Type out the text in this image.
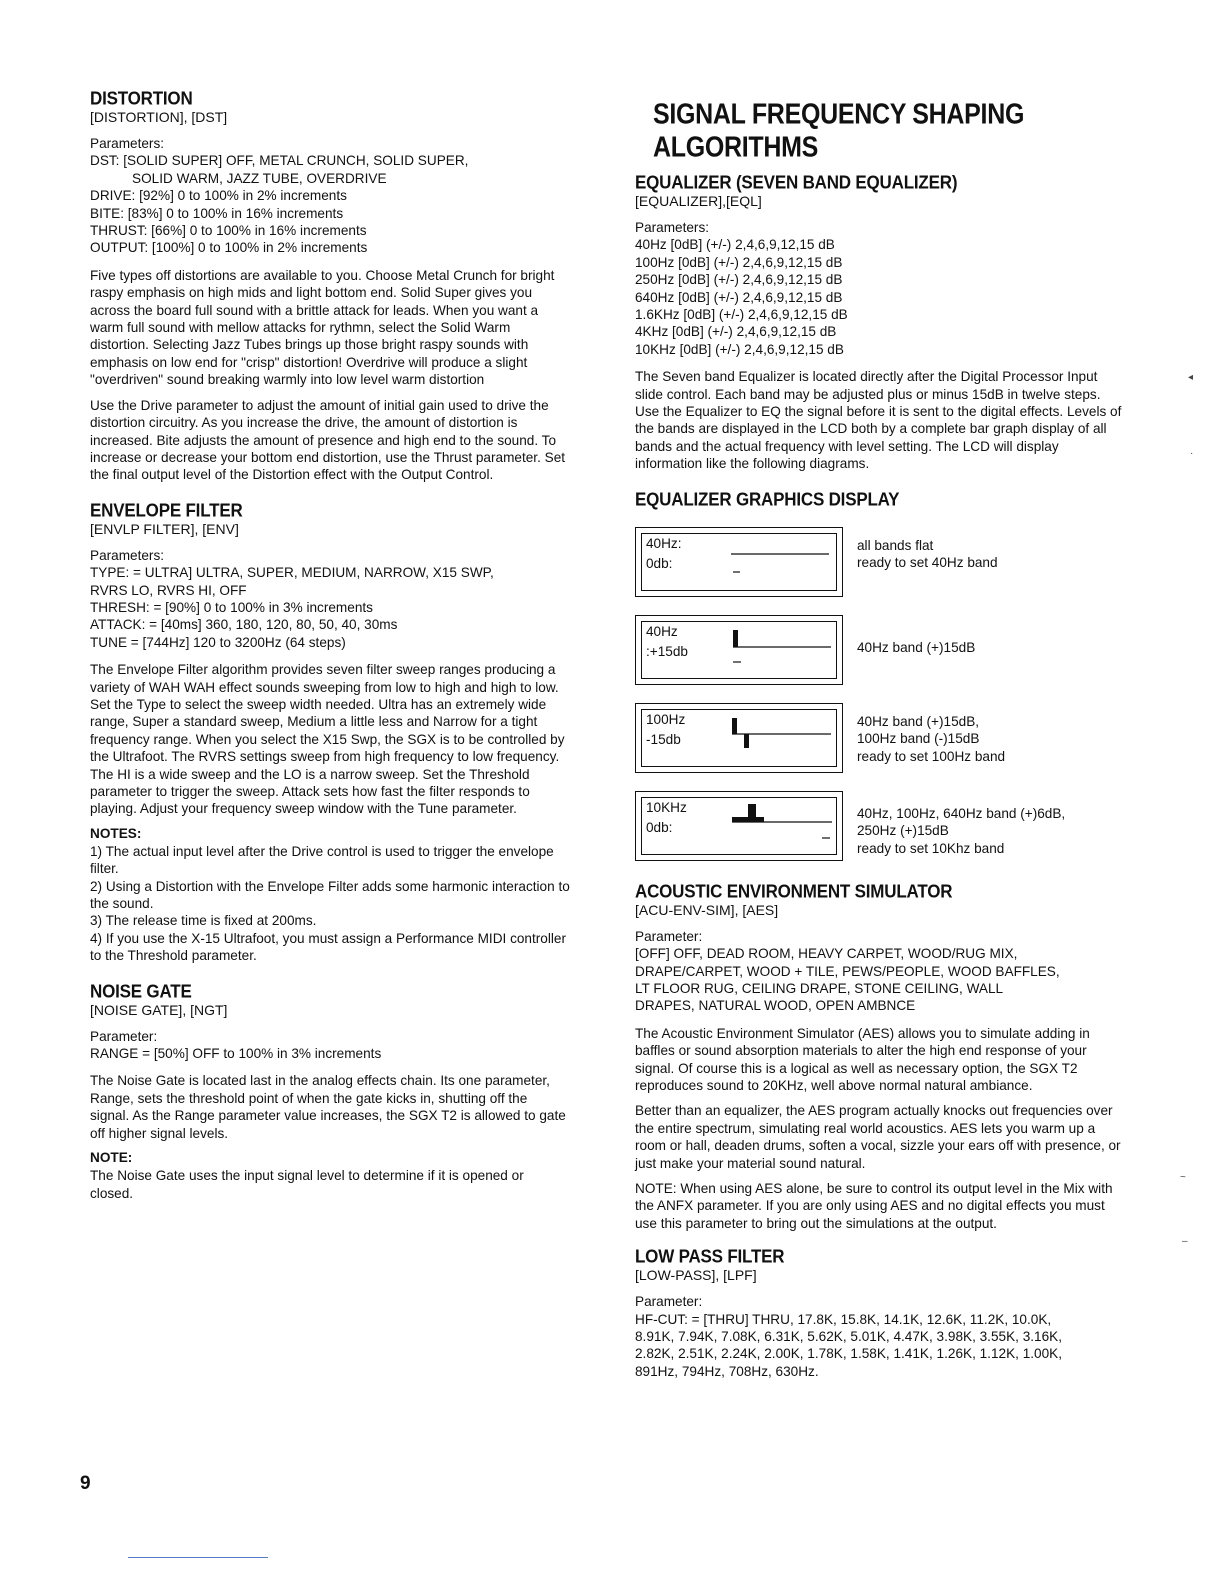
DISTORTION
[DISTORTION], [DST]
Parameters:
DST: [SOLID SUPER] OFF, METAL CRUNCH, SOLID SUPER,
SOLID WARM, JAZZ TUBE, OVERDRIVE
DRIVE: [92%] 0 to 100% in 2% increments
BITE: [83%] 0 to 100% in 16% increments
THRUST: [66%] 0 to 100% in 16% increments
OUTPUT: [100%] 0 to 100% in 2% increments

Five types off distortions are available to you. Choose Metal Crunch for bright raspy emphasis on high mids and light bottom end. Solid Super gives you across the board full sound with a brittle attack for leads. When you want a warm full sound with mellow attacks for rythmn, select the Solid Warm distortion. Selecting Jazz Tubes brings up those bright raspy sounds with emphasis on low end for "crisp" distortion! Overdrive will produce a slight "overdriven" sound breaking warmly into low level warm distortion

Use the Drive parameter to adjust the amount of initial gain used to drive the distortion circuitry. As you increase the drive, the amount of distortion is increased. Bite adjusts the amount of presence and high end to the sound. To increase or decrease your bottom end distortion, use the Thrust parameter. Set the final output level of the Distortion effect with the Output Control.

ENVELOPE FILTER
[ENVLP FILTER], [ENV]
Parameters:
TYPE: = ULTRA] ULTRA, SUPER, MEDIUM, NARROW, X15 SWP,
RVRS LO, RVRS HI, OFF
THRESH: = [90%] 0 to 100% in 3% increments
ATTACK: = [40ms] 360, 180, 120, 80, 50, 40, 30ms
TUNE = [744Hz] 120 to 3200Hz (64 steps)

The Envelope Filter algorithm provides seven filter sweep ranges producing a variety of WAH WAH effect sounds sweeping from low to high and high to low. Set the Type to select the sweep width needed. Ultra has an extremely wide range, Super a standard sweep, Medium a little less and Narrow for a tight frequency range. When you select the X15 Swp, the SGX is to be controlled by the Ultrafoot. The RVRS settings sweep from high frequency to low frequency. The HI is a wide sweep and the LO is a narrow sweep. Set the Threshold parameter to trigger the sweep. Attack sets how fast the filter responds to playing. Adjust your frequency sweep window with the Tune parameter.

NOTES:
1) The actual input level after the Drive control is used to trigger the envelope filter.
2) Using a Distortion with the Envelope Filter adds some harmonic interaction to the sound.
3) The release time is fixed at 200ms.
4) If you use the X-15 Ultrafoot, you must assign a Performance MIDI controller to the Threshold parameter.
NOISE GATE
[NOISE GATE], [NGT]
Parameter:
RANGE = [50%] OFF to 100% in 3% increments

The Noise Gate is located last in the analog effects chain. Its one parameter, Range, sets the threshold point of when the gate kicks in, shutting off the signal. As the Range parameter value increases, the SGX T2 is allowed to gate off higher signal levels.

NOTE:

The Noise Gate uses the input signal level to determine if it is opened or closed.

SIGNAL FREQUENCY SHAPING ALGORITHMS
EQUALIZER (SEVEN BAND EQUALIZER)
[EQUALIZER],[EQL]
Parameters:
40Hz [0dB] (+/-) 2,4,6,9,12,15 dB
100Hz [0dB] (+/-) 2,4,6,9,12,15 dB
250Hz [0dB] (+/-) 2,4,6,9,12,15 dB
640Hz [0dB] (+/-) 2,4,6,9,12,15 dB
1.6KHz [0dB] (+/-) 2,4,6,9,12,15 dB
4KHz [0dB] (+/-) 2,4,6,9,12,15 dB
10KHz [0dB] (+/-) 2,4,6,9,12,15 dB

The Seven band Equalizer is located directly after the Digital Processor Input slide control. Each band may be adjusted plus or minus 15dB in twelve steps. Use the Equalizer to EQ the signal before it is sent to the digital effects. Levels of the bands are displayed in the LCD both by a complete bar graph display of all bands and the actual frequency with level setting. The LCD will display information like the following diagrams.

EQUALIZER GRAPHICS DISPLAY
40Hz:
0db:
all bands flat
ready to set 40Hz band
40Hz
:+15db	40Hz band (+)15dB
100Hz
-15db
40Hz band (+)15dB,
100Hz band (-)15dB
ready to set 100Hz band
10KHz
0db:
40Hz, 100Hz, 640Hz band (+)6dB,
250Hz (+)15dB
ready to set 10Khz band
ACOUSTIC ENVIRONMENT SIMULATOR
[ACU-ENV-SIM], [AES]
Parameter:
[OFF] OFF, DEAD ROOM, HEAVY CARPET, WOOD/RUG MIX,
DRAPE/CARPET, WOOD + TILE, PEWS/PEOPLE, WOOD BAFFLES,
LT FLOOR RUG, CEILING DRAPE, STONE CEILING, WALL
DRAPES, NATURAL WOOD, OPEN AMBNCE

The Acoustic Environment Simulator (AES) allows you to simulate adding in baffles or sound absorption materials to alter the high end response of your signal. Of course this is a logical as well as necessary option, the SGX T2 reproduces sound to 20KHz, well above normal natural ambiance.

Better than an equalizer, the AES program actually knocks out frequencies over the entire spectrum, simulating real world acoustics. AES lets you warm up a room or hall, deaden drums, soften a vocal, sizzle your ears off with presence, or just make your material sound natural.

NOTE: When using AES alone, be sure to control its output level in the Mix with the ANFX parameter. If you are only using AES and no digital effects you must use this parameter to bring out the simulations at the output.

LOW PASS FILTER
[LOW-PASS], [LPF]
Parameter:
HF-CUT: = [THRU] THRU, 17.8K, 15.8K, 14.1K, 12.6K, 11.2K, 10.0K,
8.91K, 7.94K, 7.08K, 6.31K, 5.62K, 5.01K, 4.47K, 3.98K, 3.55K, 3.16K,
2.82K, 2.51K, 2.24K, 2.00K, 1.78K, 1.58K, 1.41K, 1.26K, 1.12K, 1.00K,
891Hz, 794Hz, 708Hz, 630Hz.
9
◂
·
~
–
